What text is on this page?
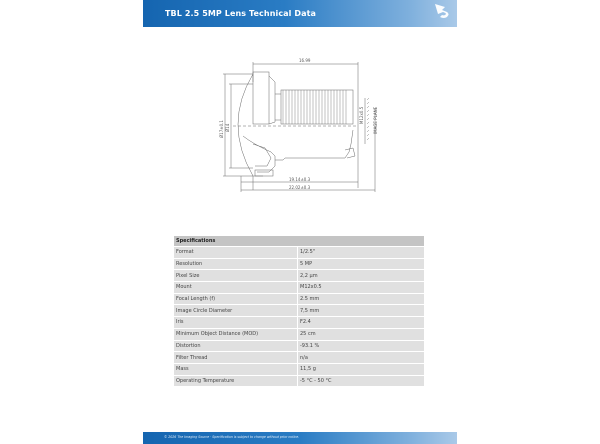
TBL 2.5 5MP Lens Technical Data
16.99
Ø17±0.1 Ø14
M12x0.5 IMAGE PLANE
19.14±0.3
22.02±0.3
Specifications
Format	1/2.5"
Resolution	5 MP
Pixel Size	2,2 µm
Mount	M12x0.5
Focal Length (f)	2.5 mm
Image Circle Diameter	7,5 mm
Iris	F2.4
Minimum Object Distance (MOD)	25 cm
Distortion	-93.1 %
Filter Thread	n/a
Mass	11,5 g
Operating Temperature	-5 °C - 50 °C
© 2026 The Imaging Source · Specification is subject to change without prior notice.
